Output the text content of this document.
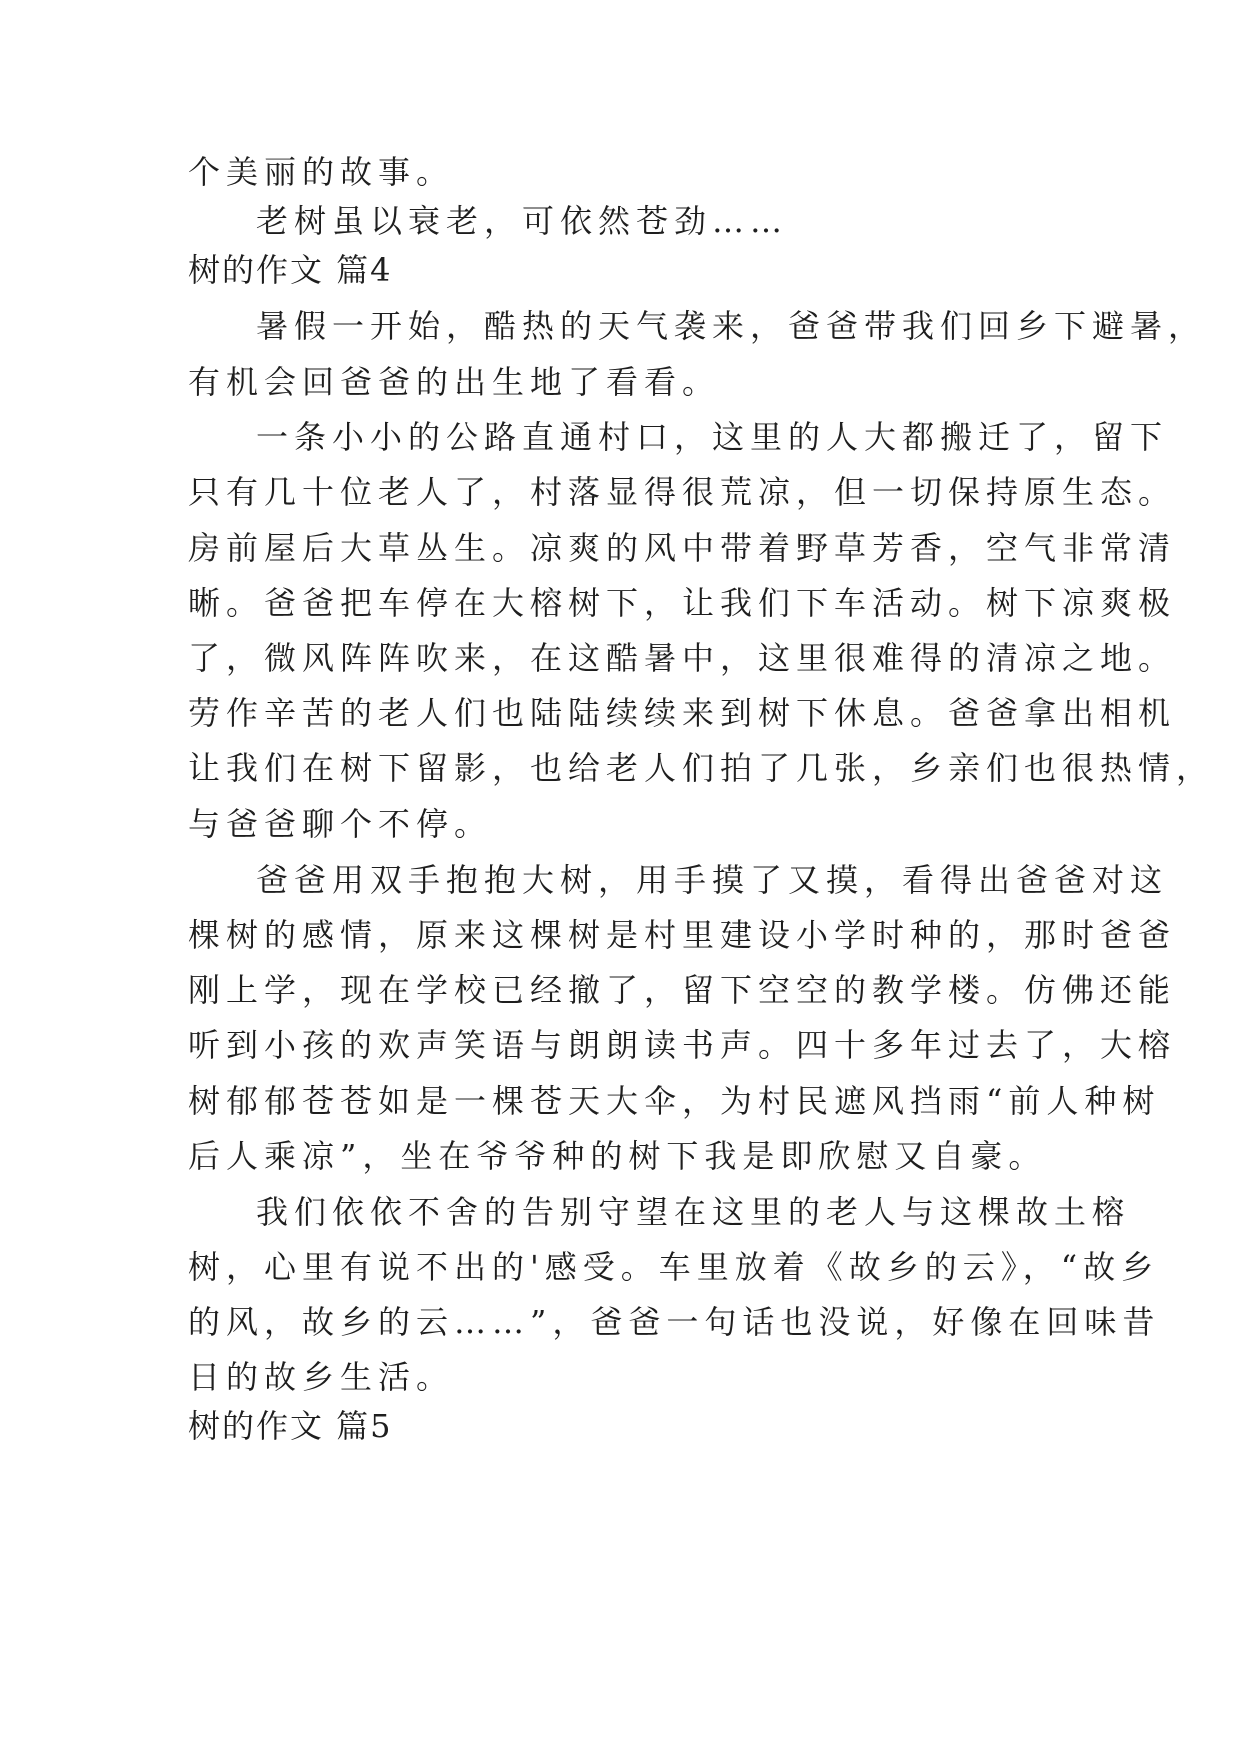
个美丽的故事。
老树虽以衰老，可依然苍劲……
树的作文 篇4
暑假一开始，酷热的天气袭来，爸爸带我们回乡下避暑，
有机会回爸爸的出生地了看看。
一条小小的公路直通村口，这里的人大都搬迁了，留下
只有几十位老人了，村落显得很荒凉，但一切保持原生态。
房前屋后大草丛生。凉爽的风中带着野草芳香，空气非常清
晰。爸爸把车停在大榕树下，让我们下车活动。树下凉爽极
了，微风阵阵吹来，在这酷暑中，这里很难得的清凉之地。
劳作辛苦的老人们也陆陆续续来到树下休息。爸爸拿出相机
让我们在树下留影，也给老人们拍了几张，乡亲们也很热情，
与爸爸聊个不停。
爸爸用双手抱抱大树，用手摸了又摸，看得出爸爸对这
棵树的感情，原来这棵树是村里建设小学时种的，那时爸爸
刚上学，现在学校已经撤了，留下空空的教学楼。仿佛还能
听到小孩的欢声笑语与朗朗读书声。四十多年过去了，大榕
树郁郁苍苍如是一棵苍天大伞，为村民遮风挡雨“前人种树
后人乘凉”，坐在爷爷种的树下我是即欣慰又自豪。
我们依依不舍的告别守望在这里的老人与这棵故土榕
树，心里有说不出的'感受。车里放着《故乡的云》，“故乡
的风，故乡的云……”，爸爸一句话也没说，好像在回味昔
日的故乡生活。
树的作文 篇5
